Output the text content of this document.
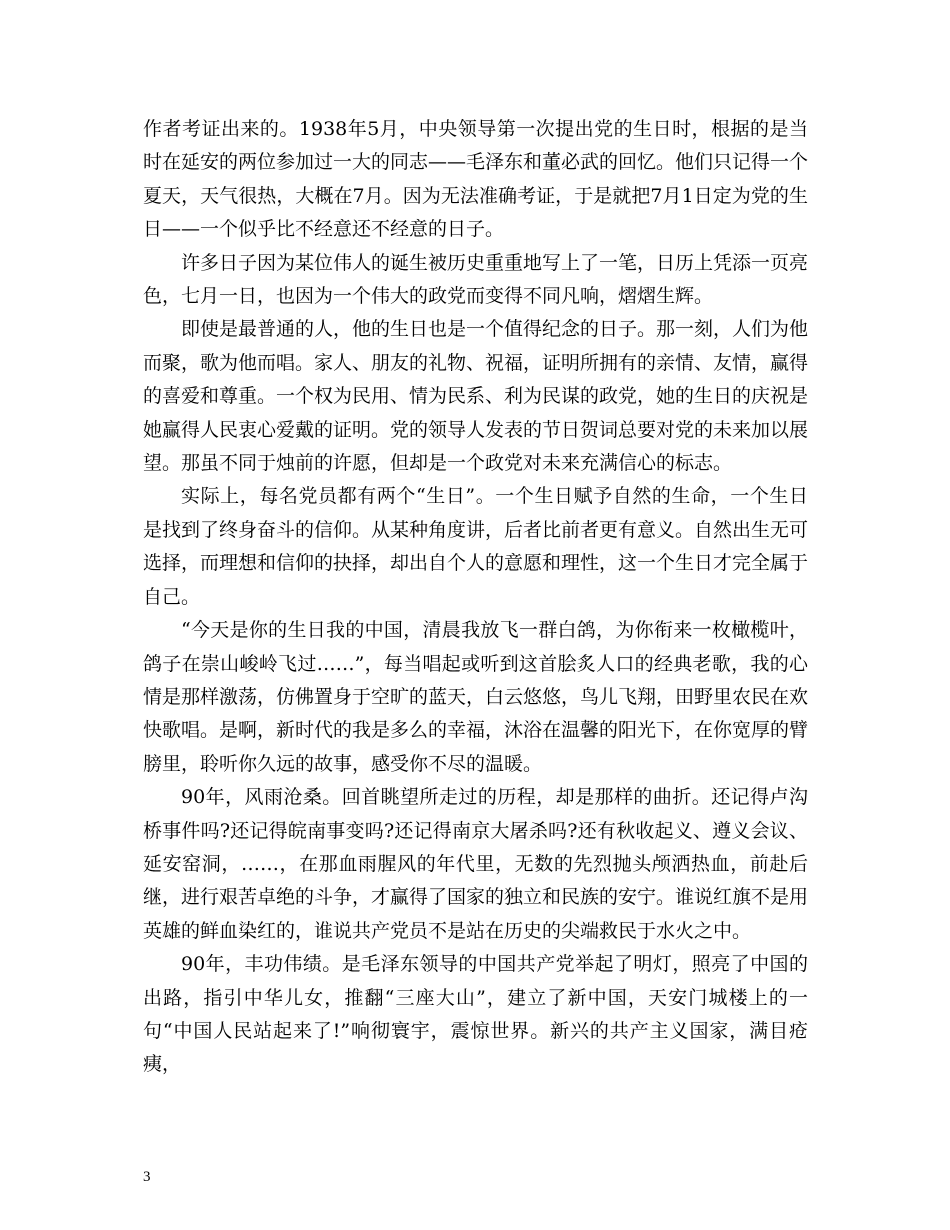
作者考证出来的。1938年5月，中央领导第一次提出党的生日时，根据的是当时在延安的两位参加过一大的同志——毛泽东和董必武的回忆。他们只记得一个夏天，天气很热，大概在7月。因为无法准确考证，于是就把7月1日定为党的生日——一个似乎比不经意还不经意的日子。

许多日子因为某位伟人的诞生被历史重重地写上了一笔，日历上凭添一页亮色，七月一日，也因为一个伟大的政党而变得不同凡响，熠熠生辉。

即使是最普通的人，他的生日也是一个值得纪念的日子。那一刻，人们为他而聚，歌为他而唱。家人、朋友的礼物、祝福，证明所拥有的亲情、友情，赢得的喜爱和尊重。一个权为民用、情为民系、利为民谋的政党，她的生日的庆祝是她赢得人民衷心爱戴的证明。党的领导人发表的节日贺词总要对党的未来加以展望。那虽不同于烛前的许愿，但却是一个政党对未来充满信心的标志。

实际上，每名党员都有两个“生日”。一个生日赋予自然的生命，一个生日是找到了终身奋斗的信仰。从某种角度讲，后者比前者更有意义。自然出生无可选择，而理想和信仰的抉择，却出自个人的意愿和理性，这一个生日才完全属于自己。

“今天是你的生日我的中国，清晨我放飞一群白鸽，为你衔来一枚橄榄叶，鸽子在崇山峻岭飞过……”，每当唱起或听到这首脍炙人口的经典老歌，我的心情是那样激荡，仿佛置身于空旷的蓝天，白云悠悠，鸟儿飞翔，田野里农民在欢快歌唱。是啊，新时代的我是多么的幸福，沐浴在温馨的阳光下，在你宽厚的臂膀里，聆听你久远的故事，感受你不尽的温暖。

90年，风雨沧桑。回首眺望所走过的历程，却是那样的曲折。还记得卢沟桥事件吗?还记得皖南事变吗?还记得南京大屠杀吗?还有秋收起义、遵义会议、延安窑洞，……，在那血雨腥风的年代里，无数的先烈抛头颅洒热血，前赴后继，进行艰苦卓绝的斗争，才赢得了国家的独立和民族的安宁。谁说红旗不是用英雄的鲜血染红的，谁说共产党员不是站在历史的尖端救民于水火之中。

90年，丰功伟绩。是毛泽东领导的中国共产党举起了明灯，照亮了中国的出路，指引中华儿女，推翻“三座大山”，建立了新中国，天安门城楼上的一句“中国人民站起来了!”响彻寰宇，震惊世界。新兴的共产主义国家，满目疮痍，

3
